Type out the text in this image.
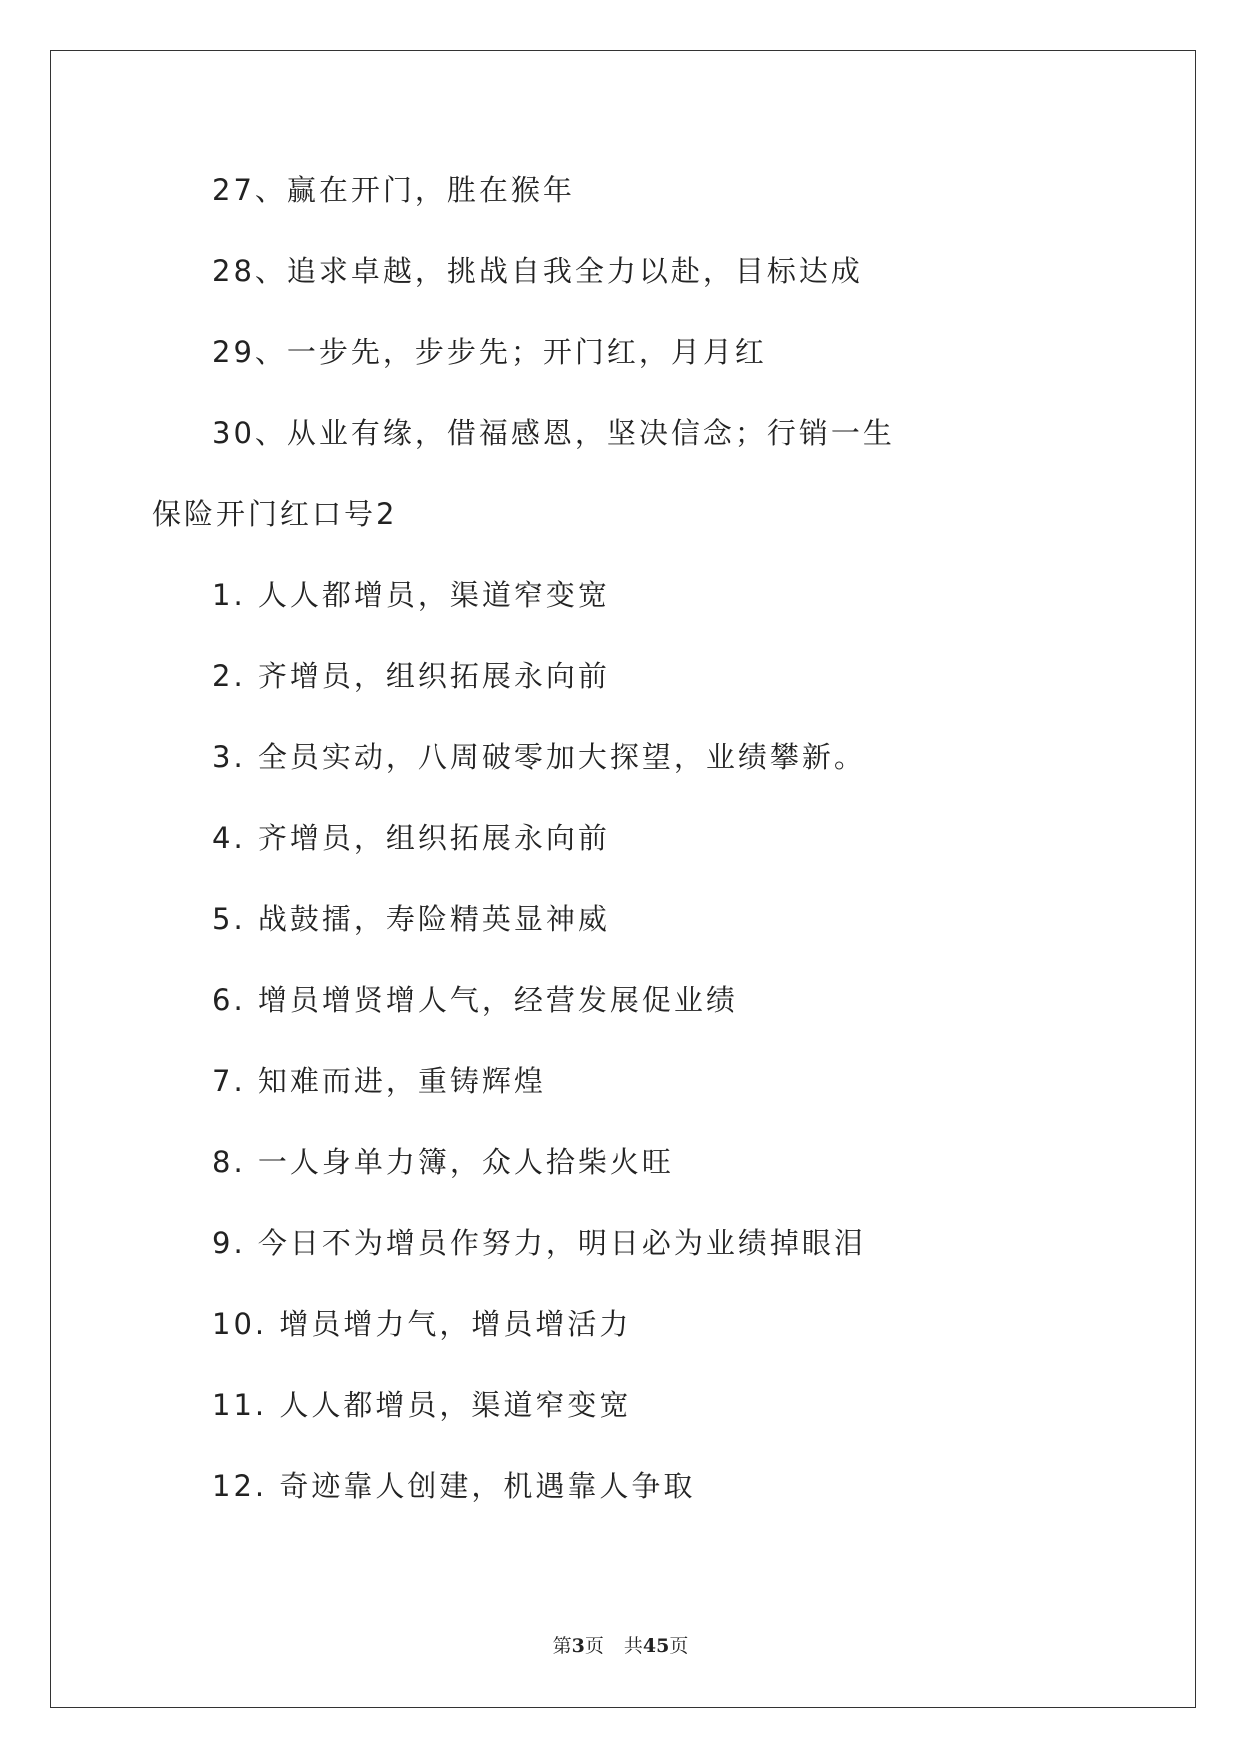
27、赢在开门，胜在猴年
28、追求卓越，挑战自我全力以赴，目标达成
29、一步先，步步先；开门红，月月红
30、从业有缘，借福感恩，坚决信念；行销一生
保险开门红口号2
1. 人人都增员，渠道窄变宽
2. 齐增员，组织拓展永向前
3. 全员实动，八周破零加大探望，业绩攀新。
4. 齐增员，组织拓展永向前
5. 战鼓擂，寿险精英显神威
6. 增员增贤增人气，经营发展促业绩
7. 知难而进，重铸辉煌
8. 一人身单力簿，众人拾柴火旺
9. 今日不为增员作努力，明日必为业绩掉眼泪
10. 增员增力气，增员增活力
11. 人人都增员，渠道窄变宽
12. 奇迹靠人创建，机遇靠人争取
第3页 共45页
